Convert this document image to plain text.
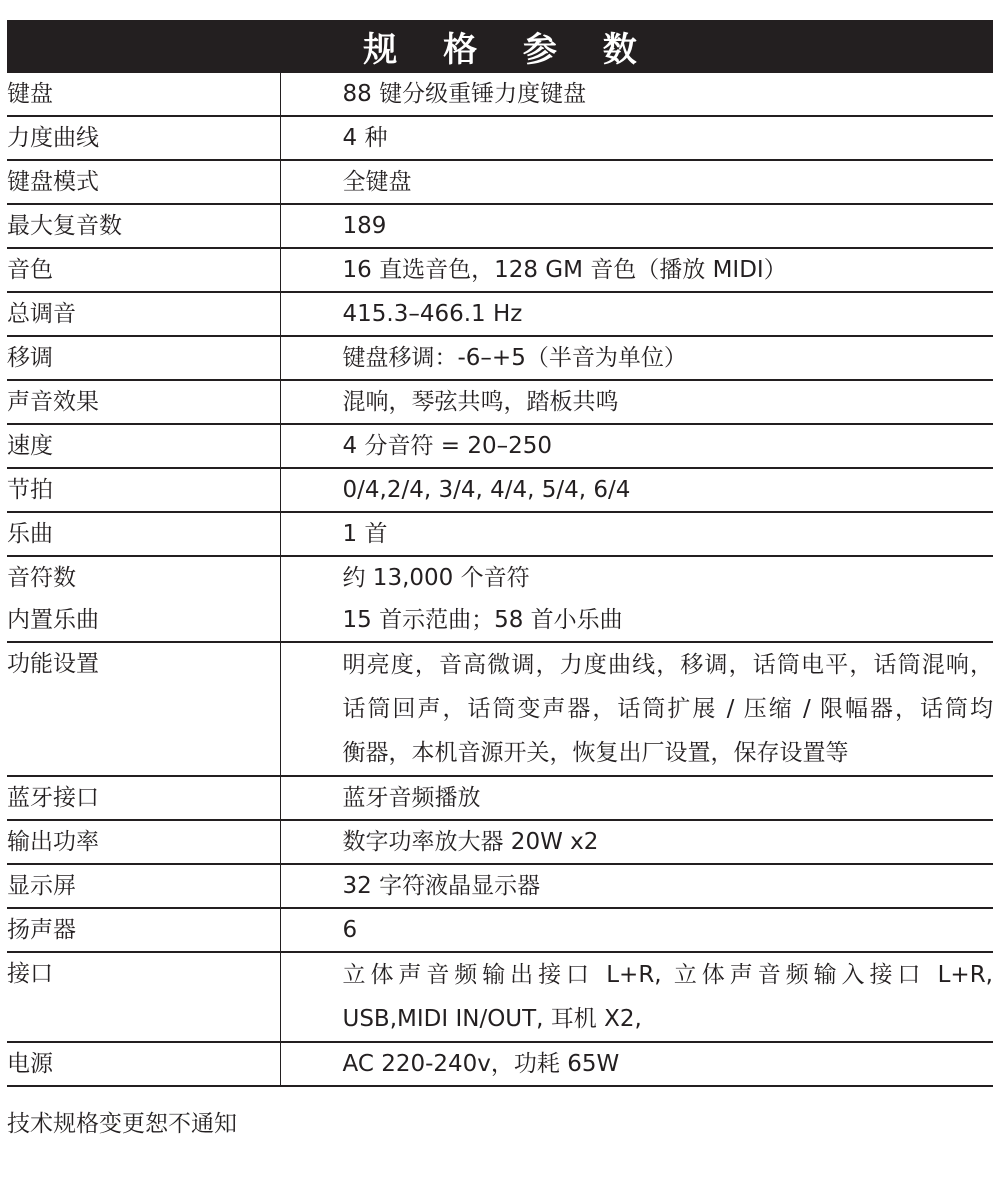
规 格 参 数
键盘	88 键分级重锤力度键盘
力度曲线	4 种
键盘模式	全键盘
最大复音数	189
音色	16 直选音色，128 GM 音色（播放 MIDI）
总调音	415.3–466.1 Hz
移调	键盘移调：-6–+5（半音为单位）
声音效果	混响，琴弦共鸣，踏板共鸣
速度	4 分音符 = 20–250
节拍	0/4,2/4, 3/4, 4/4, 5/4, 6/4
乐曲	1 首
音符数	约 13,000 个音符
内置乐曲	15 首示范曲；58 首小乐曲
功能设置	明亮度，音高微调，力度曲线，移调，话筒电平，话筒混响，
话筒回声，话筒变声器，话筒扩展 / 压缩 / 限幅器，话筒均
衡器，本机音源开关，恢复出厂设置，保存设置等

蓝牙接口	蓝牙音频播放
输出功率	数字功率放大器 20W x2
显示屏	32 字符液晶显示器
扬声器	6
接口	立体声音频输出接口 L+R, 立体声音频输入接口 L+R,
USB,MIDI IN/OUT, 耳机 X2,

电源	AC 220-240v，功耗 65W
技术规格变更恕不通知
